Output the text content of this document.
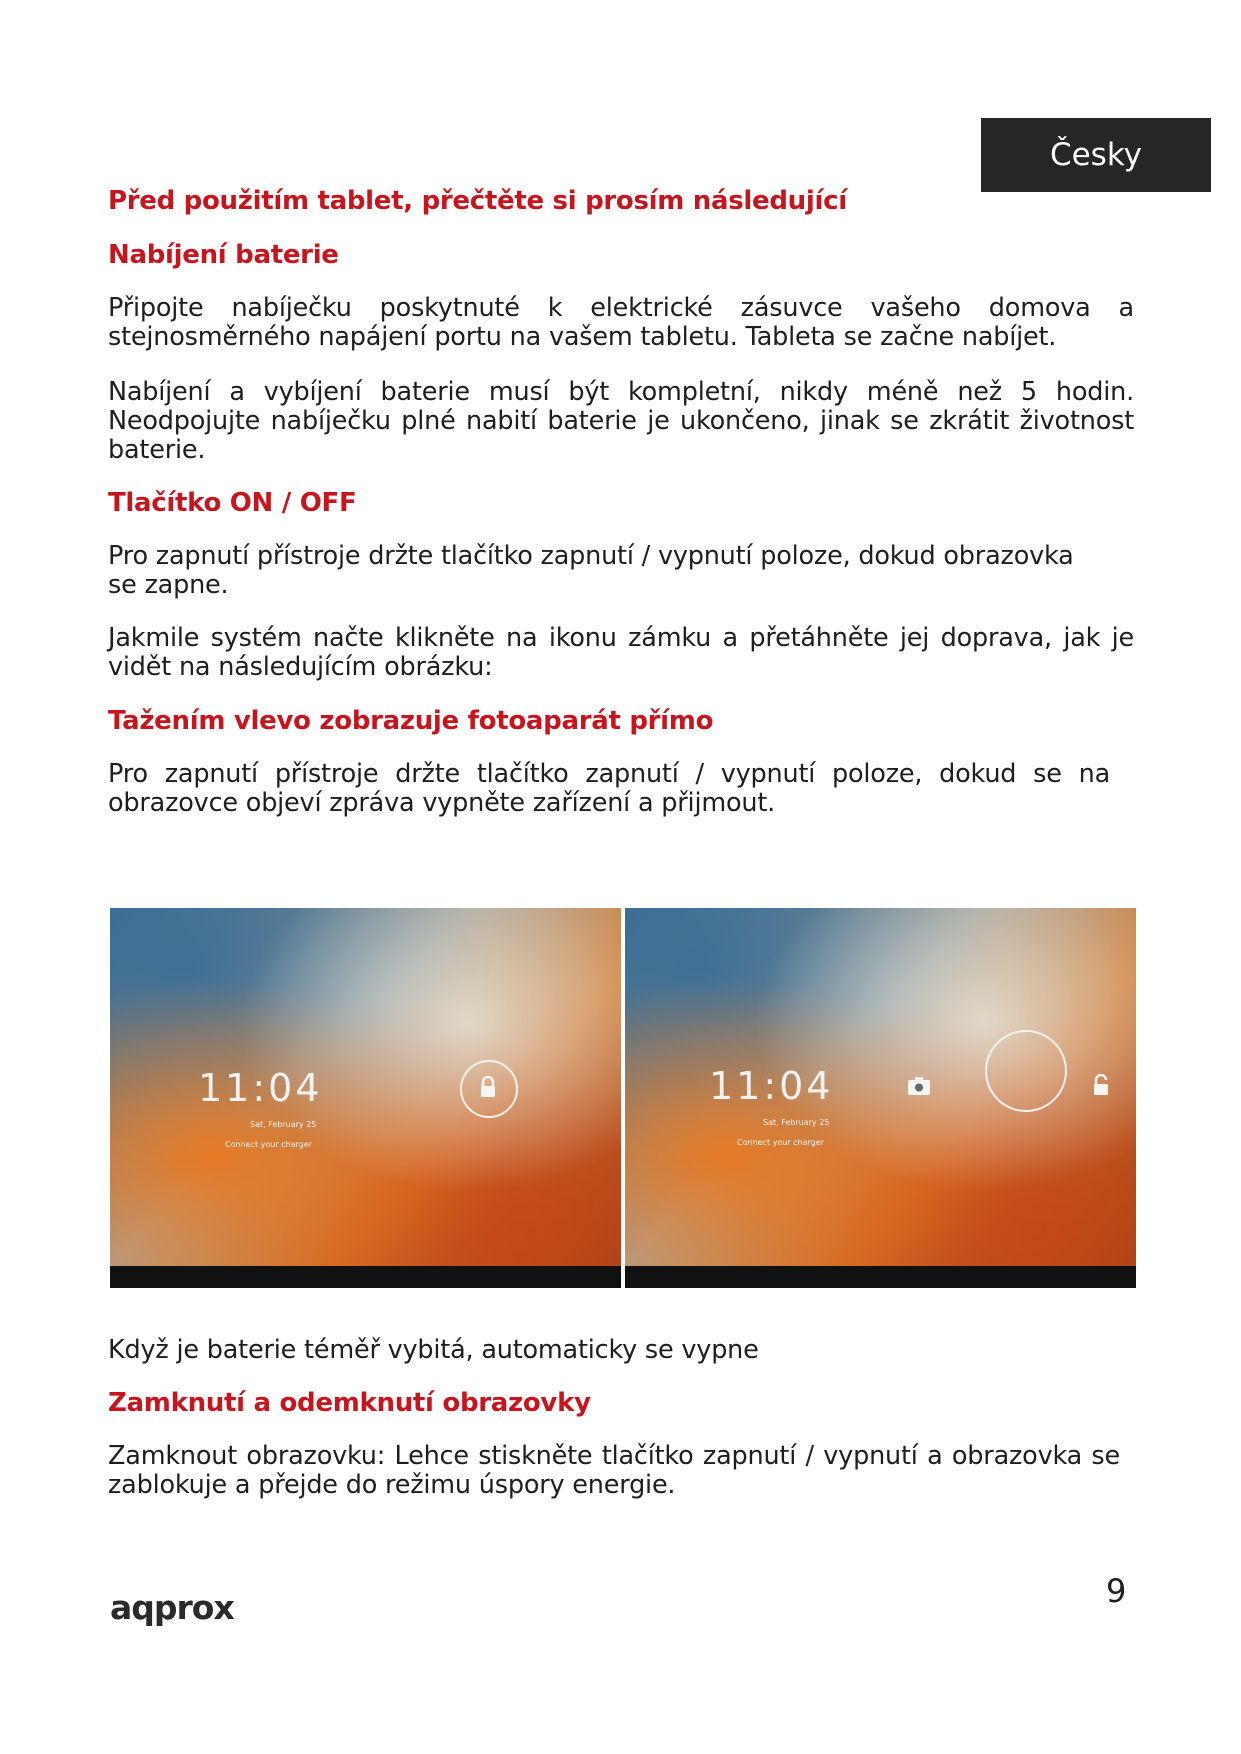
Česky
Před použitím tablet, přečtěte si prosím následující
Nabíjení baterie

Připojte nabíječku poskytnuté k elektrické zásuvce vašeho domova a stejnosměrného napájení portu na vašem tabletu. Tableta se začne nabíjet.

Nabíjení a vybíjení baterie musí být kompletní, nikdy méně než 5 hodin. Neodpojujte nabíječku plné nabití baterie je ukončeno, jinak se zkrátit životnost baterie.

Tlačítko ON / OFF

Pro zapnutí přístroje držte tlačítko zapnutí / vypnutí poloze, dokud obrazovka se zapne.

Jakmile systém načte klikněte na ikonu zámku a přetáhněte jej doprava, jak je vidět na následujícím obrázku:

Tažením vlevo zobrazuje fotoaparát přímo

Pro zapnutí přístroje držte tlačítko zapnutí / vypnutí poloze, dokud se na obrazovce objeví zpráva vypněte zařízení a přijmout.

11:04
Sat, February 25
Connect your charger
11:04
Sat, February 25
Connect your charger

Když je baterie téměř vybitá, automaticky se vypne

Zamknutí a odemknutí obrazovky

Zamknout obrazovku: Lehce stiskněte tlačítko zapnutí / vypnutí a obrazovka se zablokuje a přejde do režimu úspory energie.

aqprox	9
